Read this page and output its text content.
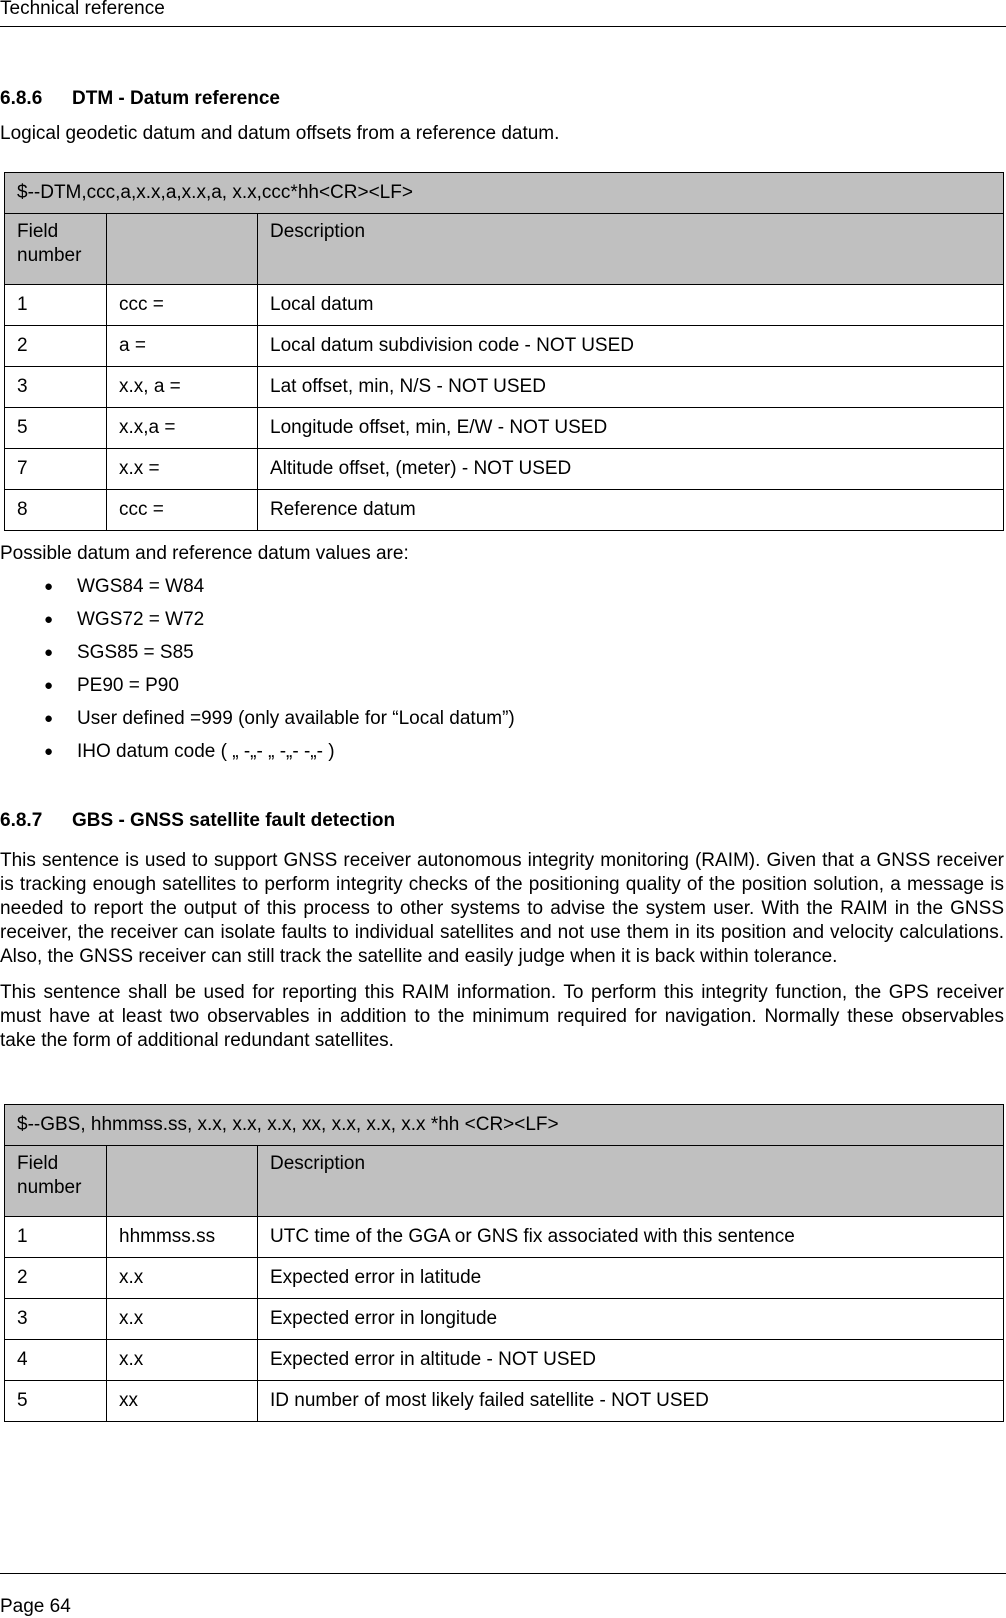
Technical reference
6.8.6 DTM - Datum reference
Logical geodetic datum and datum offsets from a reference datum.
$--DTM,ccc,a,x.x,a,x.x,a, x.x,ccc*hh<CR><LF>		
Field number		Description
1	ccc =	Local datum
2	a =	Local datum subdivision code - NOT USED
3	x.x, a =	Lat offset, min, N/S - NOT USED
5	x.x,a =	Longitude offset, min, E/W - NOT USED
7	x.x =	Altitude offset, (meter) - NOT USED
8	ccc =	Reference datum
Possible datum and reference datum values are:
● WGS84 = W84
● WGS72 = W72
● SGS85 = S85
● PE90 = P90
● User defined =999 (only available for “Local datum”)
● IHO datum code ( „ -„- „ -„- -„- )
6.8.7 GBS - GNSS satellite fault detection
This sentence is used to support GNSS receiver autonomous integrity monitoring (RAIM). Given that a GNSS receiver is tracking enough satellites to perform integrity checks of the positioning quality of the position solution, a message is needed to report the output of this process to other systems to advise the system user. With the RAIM in the GNSS receiver, the receiver can isolate faults to individual satellites and not use them in its position and velocity calculations. Also, the GNSS receiver can still track the satellite and easily judge when it is back within tolerance.
This sentence shall be used for reporting this RAIM information. To perform this integrity function, the GPS receiver must have at least two observables in addition to the minimum required for navigation. Normally these observables take the form of additional redundant satellites.
$--GBS, hhmmss.ss, x.x, x.x, x.x, xx, x.x, x.x, x.x *hh <CR><LF>		
Field number		Description
1	hhmmss.ss	UTC time of the GGA or GNS fix associated with this sentence
2	x.x	Expected error in latitude
3	x.x	Expected error in longitude
4	x.x	Expected error in altitude - NOT USED
5	xx	ID number of most likely failed satellite - NOT USED
Page 64
